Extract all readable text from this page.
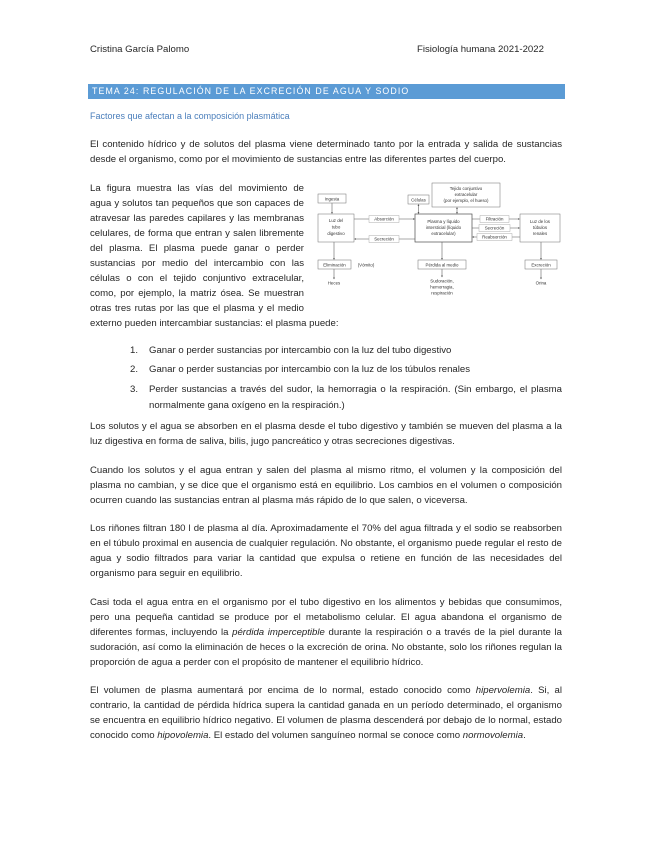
Cristina García Palomo	Fisiología humana 2021-2022
TEMA 24: REGULACIÓN DE LA EXCRECIÓN DE AGUA Y SODIO
Factores que afectan a la composición plasmática
El contenido hídrico y de solutos del plasma viene determinado tanto por la entrada y salida de sustancias desde el organismo, como por el movimiento de sustancias entre las diferentes partes del cuerpo.
Ingesta
Luz del
tubo
digestivo
Absorción
Secreción
Células
Tejido conjuntivo
extracelular
(por ejemplo, el hueso)
Plasma y líquido
intersticial (líquido
extracelular)
Filtración
Secreción
Reabsorción
Luz de los
túbulos
renales
Eliminación	(Vómito)
Heces
Pérdida al medio
Sudoración,
hemorragia,
respiración
Excreción
Orina
La figura muestra las vías del movimiento de agua y solutos tan pequeños que son capaces de atravesar las paredes capilares y las membranas celulares, de forma que entran y salen libremente del plasma. El plasma puede ganar o perder sustancias por medio del intercambio con las células o con el tejido conjuntivo extracelular, como, por ejemplo, la matriz ósea. Se muestran otras tres rutas por las que el plasma y el medio externo pueden intercambiar sustancias: el plasma puede:
1. Ganar o perder sustancias por intercambio con la luz del tubo digestivo
2. Ganar o perder sustancias por intercambio con la luz de los túbulos renales
3. Perder sustancias a través del sudor, la hemorragia o la respiración. (Sin embargo, el plasma normalmente gana oxígeno en la respiración.)
Los solutos y el agua se absorben en el plasma desde el tubo digestivo y también se mueven del plasma a la luz digestiva en forma de saliva, bilis, jugo pancreático y otras secreciones digestivas.
Cuando los solutos y el agua entran y salen del plasma al mismo ritmo, el volumen y la composición del plasma no cambian, y se dice que el organismo está en equilibrio. Los cambios en el volumen o composición ocurren cuando las sustancias entran al plasma más rápido de lo que salen, o viceversa.
Los riñones filtran 180 l de plasma al día. Aproximadamente el 70% del agua filtrada y el sodio se reabsorben en el túbulo proximal en ausencia de cualquier regulación. No obstante, el organismo puede regular el resto de agua y sodio filtrados para variar la cantidad que expulsa o retiene en función de las necesidades del organismo para seguir en equilibrio.
Casi toda el agua entra en el organismo por el tubo digestivo en los alimentos y bebidas que consumimos, pero una pequeña cantidad se produce por el metabolismo celular. El agua abandona el organismo de diferentes formas, incluyendo la pérdida imperceptible durante la respiración o a través de la piel durante la sudoración, así como la eliminación de heces o la excreción de orina. No obstante, solo los riñones regulan la proporción de agua a perder con el propósito de mantener el equilibrio hídrico.
El volumen de plasma aumentará por encima de lo normal, estado conocido como hipervolemia. Si, al contrario, la cantidad de pérdida hídrica supera la cantidad ganada en un período determinado, el organismo se encuentra en equilibrio hídrico negativo. El volumen de plasma descenderá por debajo de lo normal, estado conocido como hipovolemia. El estado del volumen sanguíneo normal se conoce como normovolemia.
